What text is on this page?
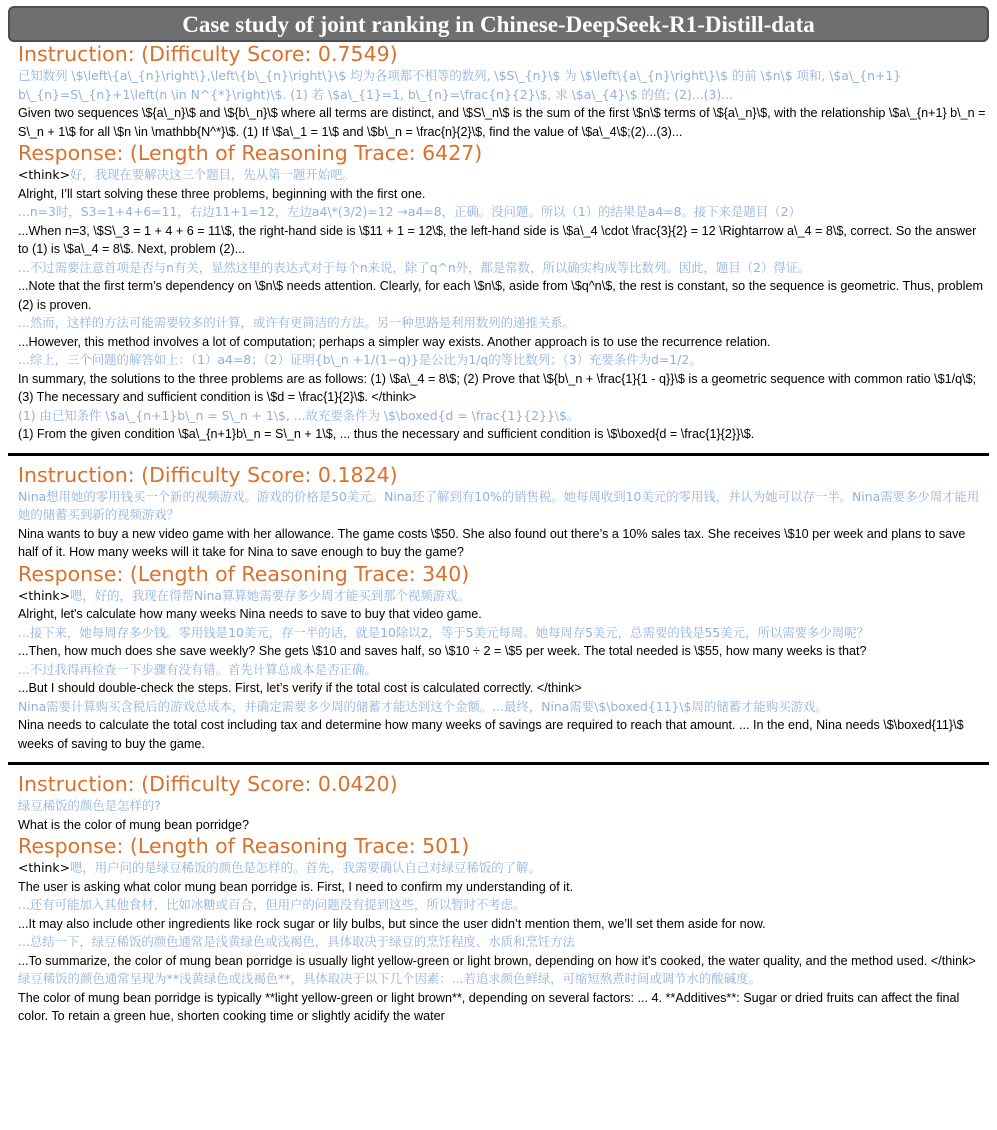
Case study of joint ranking in Chinese-DeepSeek-R1-Distill-data
Instruction: (Difficulty Score: 0.7549)

已知数列 \$\left\{a\_{n}\right\},\left\{b\_{n}\right\}\$ 均为各项都不相等的数列, \$S\_{n}\$ 为 \$\left\{a\_{n}\right\}\$ 的前 \$n\$ 项和, \$a\_{n+1} b\_{n}=S\_{n}+1\left(n \in N^{*}\right)\$. (1) 若 \$a\_{1}=1, b\_{n}=\frac{n}{2}\$, 求 \$a\_{4}\$ 的值; (2)...(3)...

Given two sequences \${a\_n}\$ and \${b\_n}\$ where all terms are distinct, and \$S\_n\$ is the sum of the first \$n\$ terms of \${a\_n}\$, with the relationship \$a\_{n+1} b\_n = S\_n + 1\$ for all \$n \in \mathbb{N^*}\$. (1) If \$a\_1 = 1\$ and \$b\_n = \frac{n}{2}\$, find the value of \$a\_4\$;(2)...(3)...

Response: (Length of Reasoning Trace: 6427)

<think>好，我现在要解决这三个题目，先从第一题开始吧。

Alright, I’ll start solving these three problems, beginning with the first one.

...n=3时，S3=1+4+6=11，右边11+1=12，左边a4\*(3/2)=12 →a4=8，正确。没问题。所以（1）的结果是a4=8。接下来是题目（2）

...When n=3, \$S\_3 = 1 + 4 + 6 = 11\$, the right-hand side is \$11 + 1 = 12\$, the left-hand side is \$a\_4 \cdot \frac{3}{2} = 12 \Rightarrow a\_4 = 8\$, correct. So the answer to (1) is \$a\_4 = 8\$. Next, problem (2)...

...不过需要注意首项是否与n有关，显然这里的表达式对于每个n来说，除了q^n外，都是常数，所以确实构成等比数列。因此，题目（2）得证。

...Note that the first term’s dependency on \$n\$ needs attention. Clearly, for each \$n\$, aside from \$q^n\$, the rest is constant, so the sequence is geometric. Thus, problem (2) is proven.

...然而，这样的方法可能需要较多的计算，或许有更简洁的方法。另一种思路是利用数列的递推关系。

...However, this method involves a lot of computation; perhaps a simpler way exists. Another approach is to use the recurrence relation.

...综上，三个问题的解答如上：（1）a4=8；（2）证明{b\_n +1/(1−q)}是公比为1/q的等比数列；（3）充要条件为d=1/2。

In summary, the solutions to the three problems are as follows: (1) \$a\_4 = 8\$; (2) Prove that \${b\_n + \frac{1}{1 - q}}\$ is a geometric sequence with common ratio \$1/q\$; (3) The necessary and sufficient condition is \$d = \frac{1}{2}\$. </think>

(1) 由已知条件 \$a\_{n+1}b\_n = S\_n + 1\$, ...故充要条件为 \$\boxed{d = \frac{1}{2}}\$。

(1) From the given condition \$a\_{n+1}b\_n = S\_n + 1\$, ... thus the necessary and sufficient condition is \$\boxed{d = \frac{1}{2}}\$.

Instruction: (Difficulty Score: 0.1824)

Nina想用她的零用钱买一个新的视频游戏。游戏的价格是50美元。Nina还了解到有10%的销售税。她每周收到10美元的零用钱，并认为她可以存一半。Nina需要多少周才能用她的储蓄买到新的视频游戏？

Nina wants to buy a new video game with her allowance. The game costs \$50. She also found out there’s a 10% sales tax. She receives \$10 per week and plans to save half of it. How many weeks will it take for Nina to save enough to buy the game?

Response: (Length of Reasoning Trace: 340)

<think>嗯，好的，我现在得帮Nina算算她需要存多少周才能买到那个视频游戏。

Alright, let's calculate how many weeks Nina needs to save to buy that video game.

...接下来，她每周存多少钱。零用钱是10美元，存一半的话，就是10除以2，等于5美元每周。她每周存5美元，总需要的钱是55美元，所以需要多少周呢？

...Then, how much does she save weekly? She gets \$10 and saves half, so \$10 ÷ 2 = \$5 per week. The total needed is \$55, how many weeks is that?

...不过我得再检查一下步骤有没有错。首先计算总成本是否正确。

...But I should double-check the steps. First, let’s verify if the total cost is calculated correctly. </think>

Nina需要计算购买含税后的游戏总成本，并确定需要多少周的储蓄才能达到这个金额。...最终，Nina需要\$\boxed{11}\$周的储蓄才能购买游戏。

Nina needs to calculate the total cost including tax and determine how many weeks of savings are required to reach that amount. ... In the end, Nina needs \$\boxed{11}\$ weeks of saving to buy the game.

Instruction: (Difficulty Score: 0.0420)

绿豆稀饭的颜色是怎样的?

What is the color of mung bean porridge?

Response: (Length of Reasoning Trace: 501)

<think>嗯，用户问的是绿豆稀饭的颜色是怎样的。首先，我需要确认自己对绿豆稀饭的了解。

The user is asking what color mung bean porridge is. First, I need to confirm my understanding of it.

...还有可能加入其他食材，比如冰糖或百合，但用户的问题没有提到这些，所以暂时不考虑。

...It may also include other ingredients like rock sugar or lily bulbs, but since the user didn’t mention them, we’ll set them aside for now.

...总结一下，绿豆稀饭的颜色通常是浅黄绿色或浅褐色，具体取决于绿豆的烹饪程度、水质和烹饪方法

...To summarize, the color of mung bean porridge is usually light yellow-green or light brown, depending on how it's cooked, the water quality, and the method used. </think>

绿豆稀饭的颜色通常呈现为**浅黄绿色或浅褐色**，具体取决于以下几个因素：...若追求颜色鲜绿，可缩短熬煮时间或调节水的酸碱度。

The color of mung bean porridge is typically **light yellow-green or light brown**, depending on several factors: ... 4. **Additives**: Sugar or dried fruits can affect the final color. To retain a green hue, shorten cooking time or slightly acidify the water
